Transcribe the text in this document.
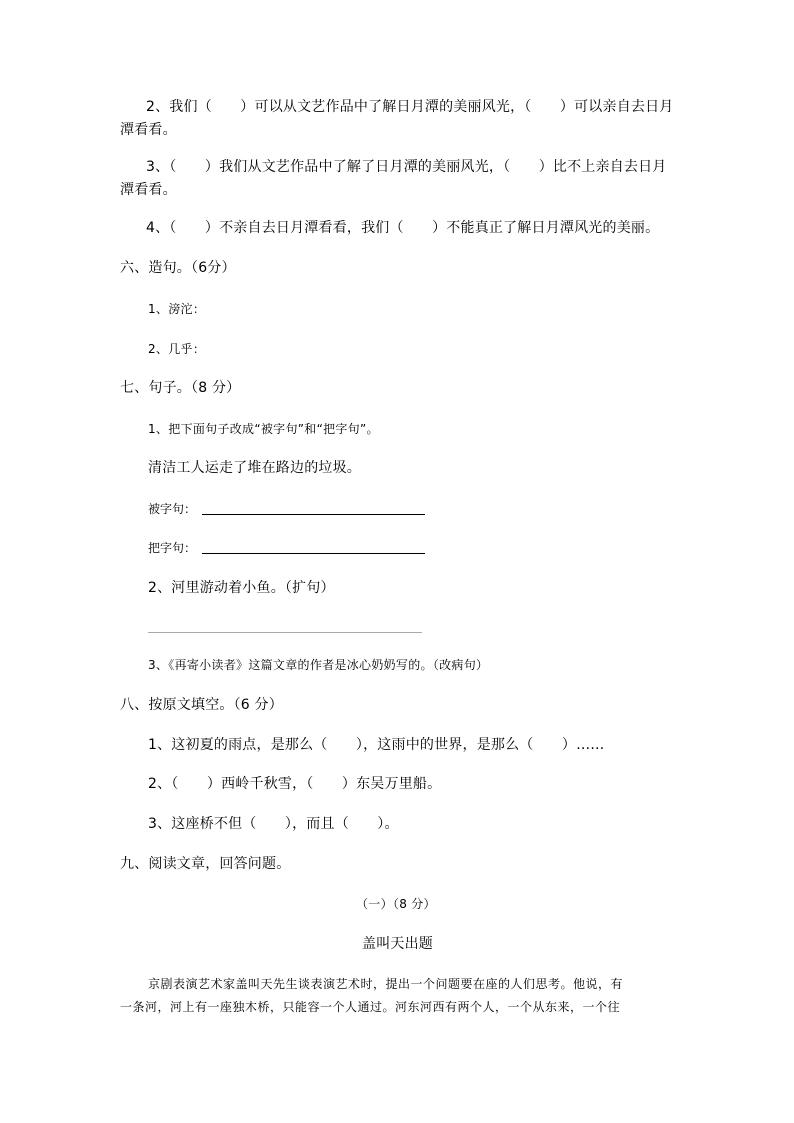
2、我们（　　）可以从文艺作品中了解日月潭的美丽风光，（　　）可以亲自去日月

潭看看。

3、（　　）我们从文艺作品中了解了日月潭的美丽风光，（　　）比不上亲自去日月

潭看看。

4、（　　）不亲自去日月潭看看，我们（　　）不能真正了解日月潭风光的美丽。

六、造句。（6分）

1、滂沱：

2、几乎：

七、句子。（8 分）

1、把下面句子改成“被字句”和“把字句”。

清洁工人运走了堆在路边的垃圾。

被字句：
把字句：

2、河里游动着小鱼。（扩句）

3、《再寄小读者》这篇文章的作者是冰心奶奶写的。（改病句）

八、按原文填空。（6 分）

1、这初夏的雨点，是那么（　　），这雨中的世界，是那么（　　）……

2、（　　）西岭千秋雪，（　　）东吴万里船。

3、这座桥不但（　　），而且（　　）。

九、阅读文章，回答问题。

（一）（8 分）

盖叫天出题

京剧表演艺术家盖叫天先生谈表演艺术时，提出一个问题要在座的人们思考。他说，有

一条河，河上有一座独木桥，只能容一个人通过。河东河西有两个人，一个从东来，一个往
